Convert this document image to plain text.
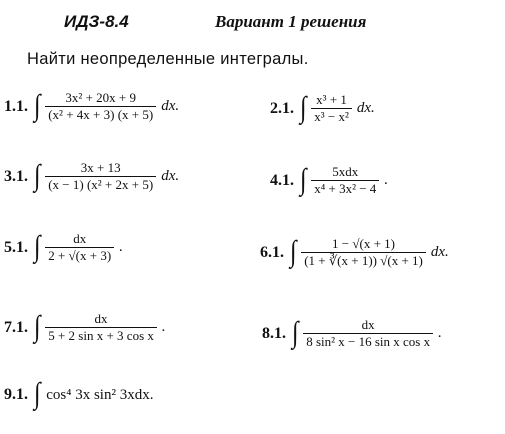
ИДЗ-8.4	Вариант 1 решения
Найти неопределенные интегралы.
1.1. ∫ $\frac{\text{3x² + 20x + 9}}{\text{(x² + 4x + 3) (x + 5)}}$ dx.	2.1. ∫ $\frac{\text{x³ + 1}}{\text{x³ − x²}}$ dx.
3.1. ∫ $\frac{3x + 13}{\text{(x − 1) (x² + 2x + 5)}}$ dx.	4.1. ∫ $\frac{\text{5xdx}}{\text{x⁴ + 3x² − 4}}$ .
5.1. ∫ $\frac{dx}{2 + √(x + 3)}$ .	6.1. ∫ $\frac{1 - √(x + 1)}{(1 + ∛(x + 1)) √(x + 1)}$ dx.
7.1. ∫ $\frac{dx}{\text{5 + 2 sin x + 3 cos x}}$ .	8.1. ∫ $\frac{dx}{\text{8 sin² x − 16 sin x cos x}}$ .
9.1. ∫ cos⁴ 3x sin² 3xdx.
